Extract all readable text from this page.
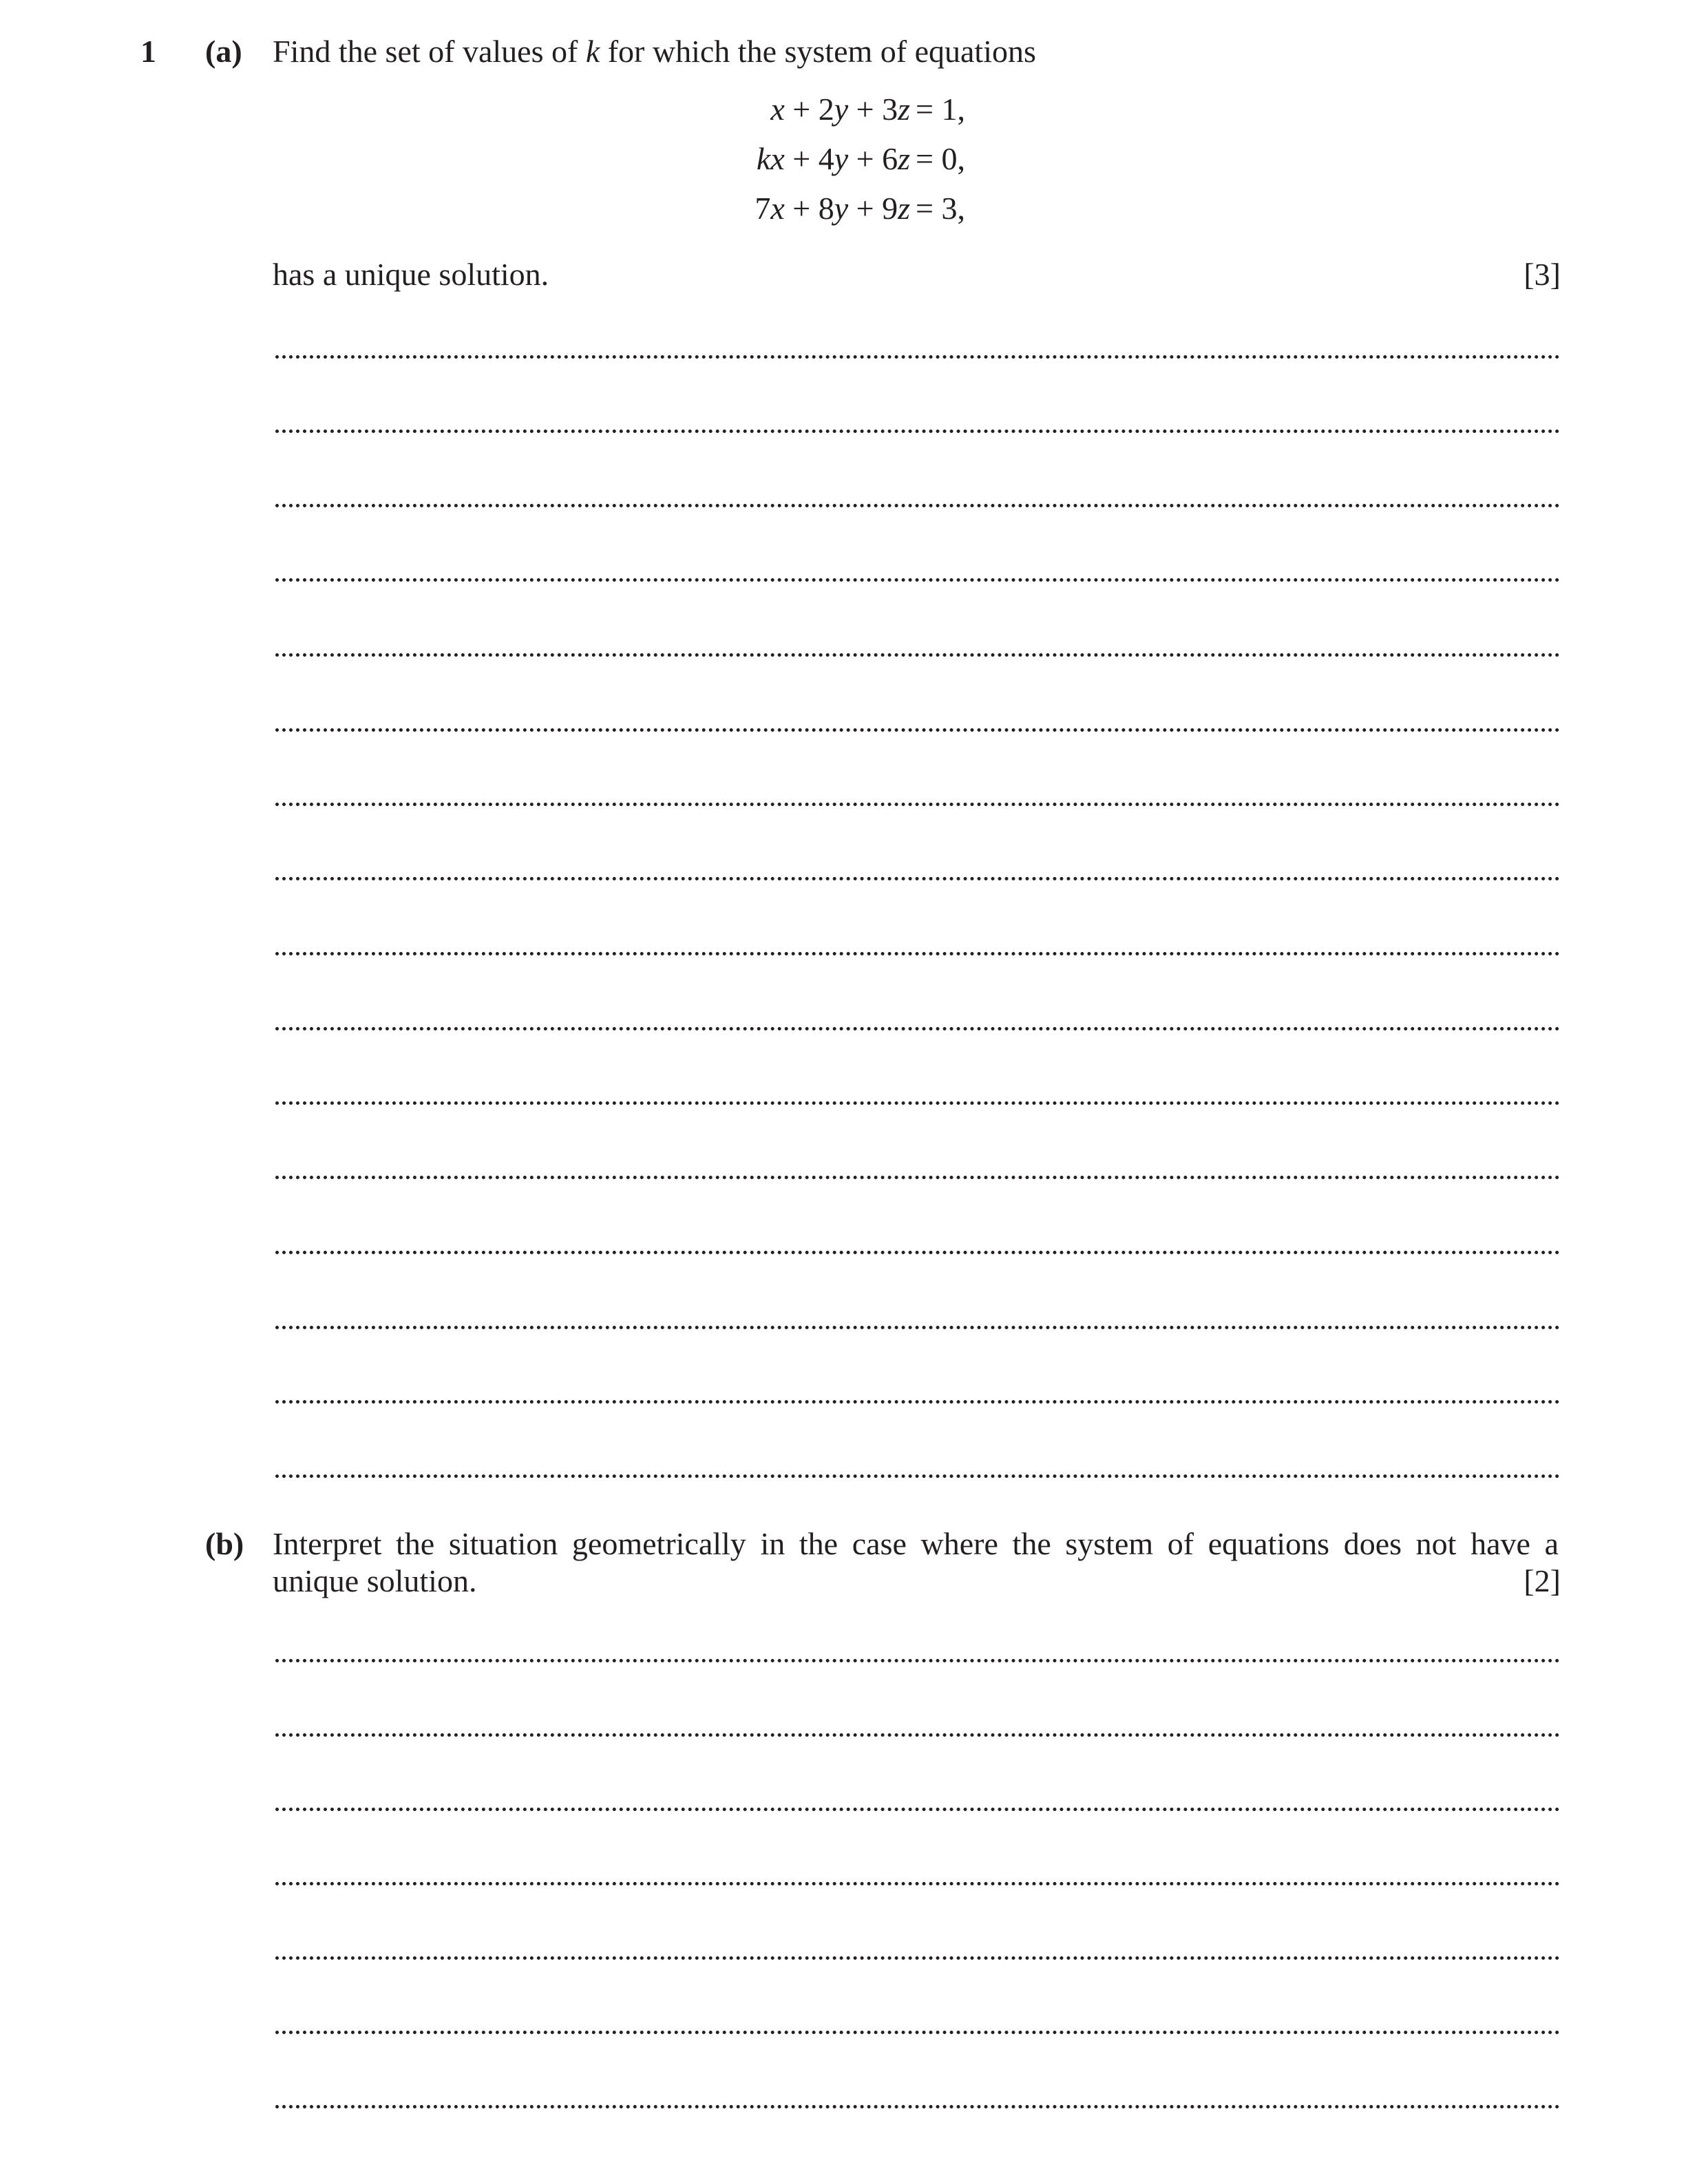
1 (a) Find the set of values of k for which the system of equations
x + 2y + 3z = 1,
kx + 4y + 6z = 0,
7x + 8y + 9z = 3,
has a unique solution.	[3]
(b) Interpret the situation geometrically in the case where the system of equations does not have a
unique solution.	[2]
